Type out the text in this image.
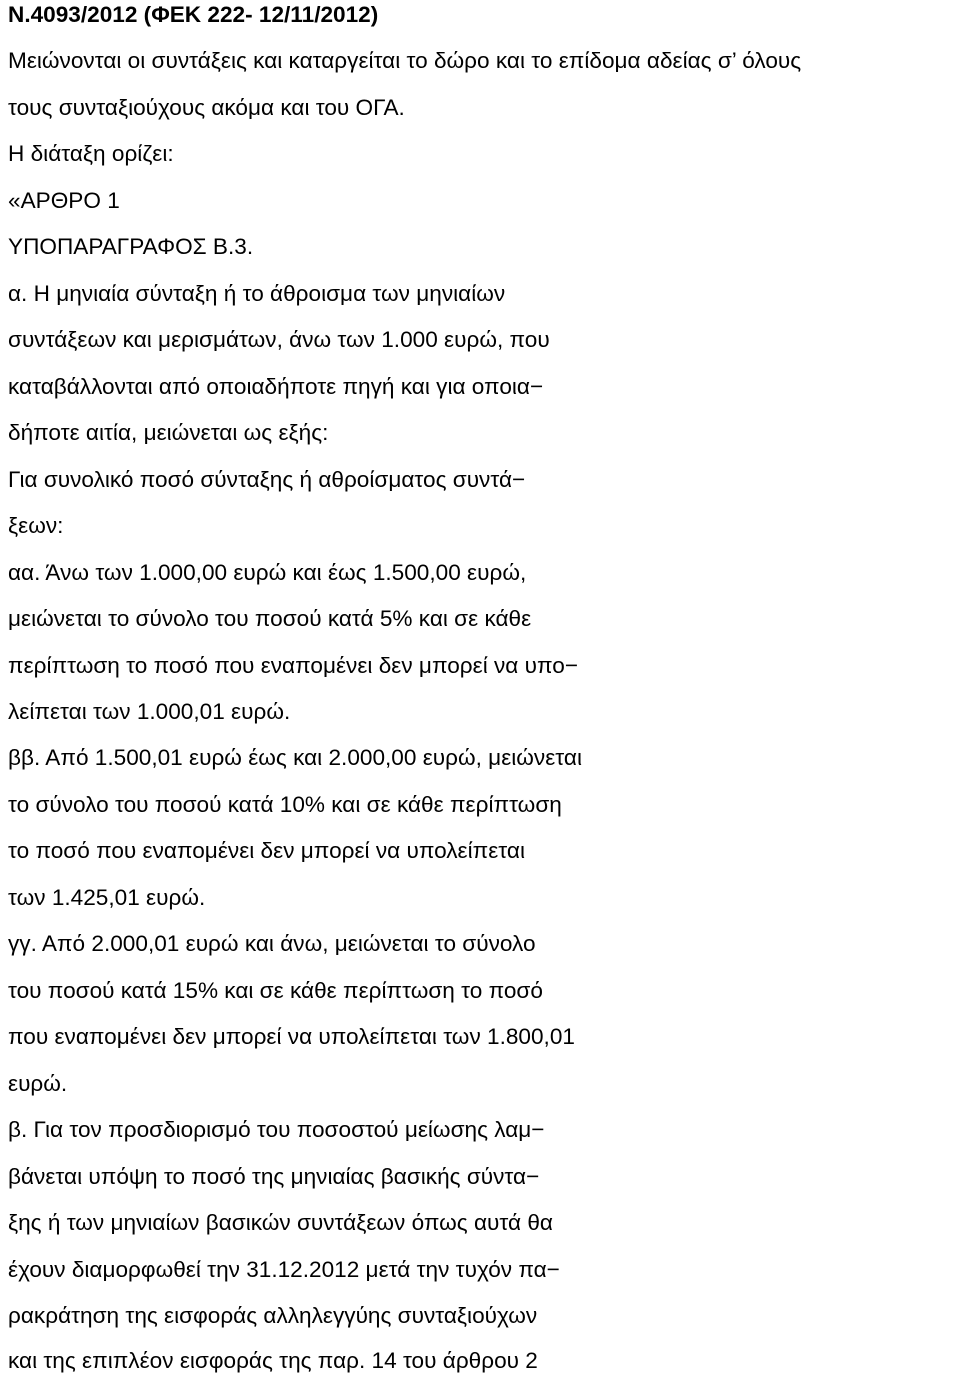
Ν.4093/2012 (ΦΕΚ 222- 12/11/2012)
Μειώνονται οι συντάξεις και καταργείται το δώρο και το επίδομα αδείας σ’ όλους
τους συνταξιούχους ακόμα και του ΟΓΑ.
Η διάταξη ορίζει:
«ΑΡΘΡΟ 1
ΥΠΟΠΑΡΑΓΡΑΦΟΣ Β.3.
α. Η μηνιαία σύνταξη ή το άθροισμα των μηνιαίων
συντάξεων και μερισμάτων, άνω των 1.000 ευρώ, που
καταβάλλονται από οποιαδήποτε πηγή και για οποια−
δήποτε αιτία, μειώνεται ως εξής:
Για συνολικό ποσό σύνταξης ή αθροίσματος συντά−
ξεων:
αα. Άνω των 1.000,00 ευρώ και έως 1.500,00 ευρώ,
μειώνεται το σύνολο του ποσού κατά 5% και σε κάθε
περίπτωση το ποσό που εναπομένει δεν μπορεί να υπο−
λείπεται των 1.000,01 ευρώ.
ββ. Από 1.500,01 ευρώ έως και 2.000,00 ευρώ, μειώνεται
το σύνολο του ποσού κατά 10% και σε κάθε περίπτωση
το ποσό που εναπομένει δεν μπορεί να υπολείπεται
των 1.425,01 ευρώ.
γγ. Από 2.000,01 ευρώ και άνω, μειώνεται το σύνολο
του ποσού κατά 15% και σε κάθε περίπτωση το ποσό
που εναπομένει δεν μπορεί να υπολείπεται των 1.800,01
ευρώ.
β. Για τον προσδιορισμό του ποσοστού μείωσης λαμ−
βάνεται υπόψη το ποσό της μηνιαίας βασικής σύντα−
ξης ή των μηνιαίων βασικών συντάξεων όπως αυτά θα
έχουν διαμορφωθεί την 31.12.2012 μετά την τυχόν πα−
ρακράτηση της εισφοράς αλληλεγγύης συνταξιούχων
και της επιπλέον εισφοράς της παρ. 14 του άρθρου 2
